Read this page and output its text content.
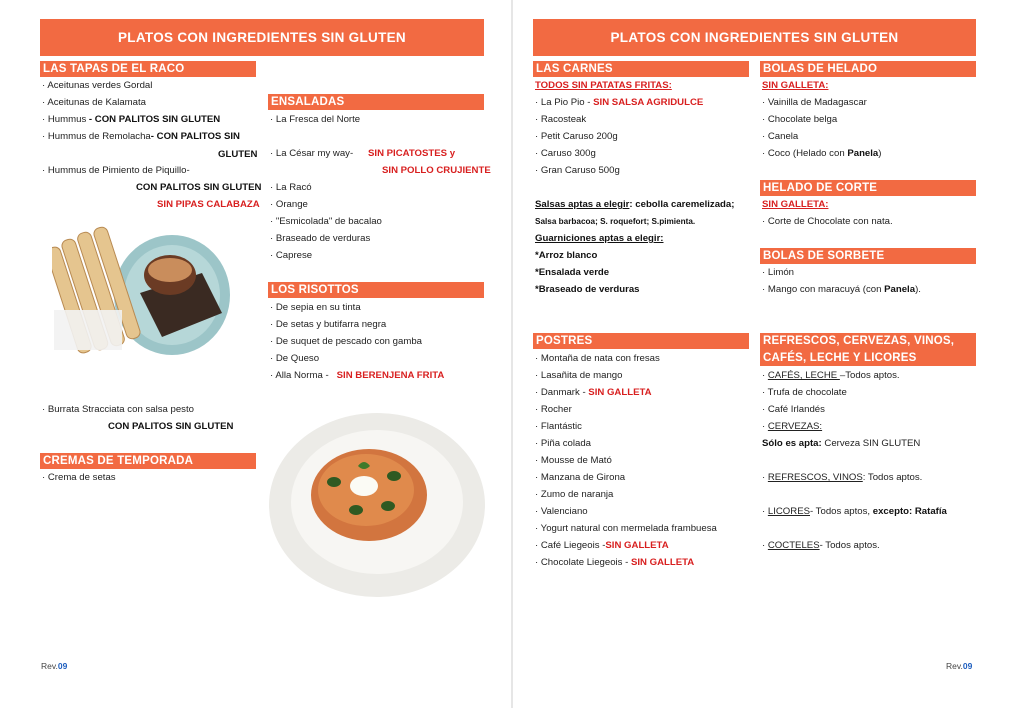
PLATOS CON INGREDIENTES SIN GLUTEN
LAS TAPAS DE EL RACO
· Aceitunas verdes Gordal
· Aceitunas de Kalamata
· Hummus - CON PALITOS SIN GLUTEN
· Hummus de Remolacha- CON PALITOS SIN
GLUTEN
· Hummus de Pimiento de Piquillo-
CON PALITOS SIN GLUTEN
SIN PIPAS CALABAZA
· Burrata Stracciata con salsa pesto
CON PALITOS SIN GLUTEN
CREMAS DE TEMPORADA
· Crema de setas
ENSALADAS
· La Fresca del Norte
· La César my way- SIN PICATOSTES y
SIN POLLO CRUJIENTE
· La Racó
· Orange
· "Esmicolada" de bacalao
· Braseado de verduras
· Caprese
LOS RISOTTOS
· De sepia en su tinta
· De setas y butifarra negra
· De suquet de pescado con gamba
· De Queso
· Alla Norma - SIN BERENJENA FRITA
Rev.09
PLATOS CON INGREDIENTES SIN GLUTEN
LAS CARNES
TODOS SIN PATATAS FRITAS:
· La Pio Pio - SIN SALSA AGRIDULCE
· Racosteak
· Petit Caruso 200g
· Caruso 300g
· Gran Caruso 500g
Salsas aptas a elegir: cebolla caremelizada;
Salsa barbacoa; S. roquefort; S.pimienta.
Guarniciones aptas a elegir:
*Arroz blanco
*Ensalada verde
*Braseado de verduras
POSTRES
· Montaña de nata con fresas
· Lasañita de mango
· Danmark - SIN GALLETA
· Rocher
· Flantástic
· Piña colada
· Mousse de Mató
· Manzana de Girona
· Zumo de naranja
· Valenciano
· Yogurt natural con mermelada frambuesa
· Café Liegeois -SIN GALLETA
· Chocolate Liegeois - SIN GALLETA
BOLAS DE HELADO
SIN GALLETA:
· Vainilla de Madagascar
· Chocolate belga
· Canela
· Coco (Helado con Panela)
HELADO DE CORTE
SIN GALLETA:
· Corte de Chocolate con nata.
BOLAS DE SORBETE
· Limón
· Mango con maracuyá (con Panela).
REFRESCOS, CERVEZAS, VINOS,
CAFÉS, LECHE Y LICORES
· CAFÉS, LECHE –Todos aptos.
· Trufa de chocolate
· Café Irlandés
· CERVEZAS:
Sólo es apta: Cerveza SIN GLUTEN
· REFRESCOS, VINOS: Todos aptos.
· LICORES- Todos aptos, excepto: Ratafía
· COCTELES- Todos aptos.
Rev.09
